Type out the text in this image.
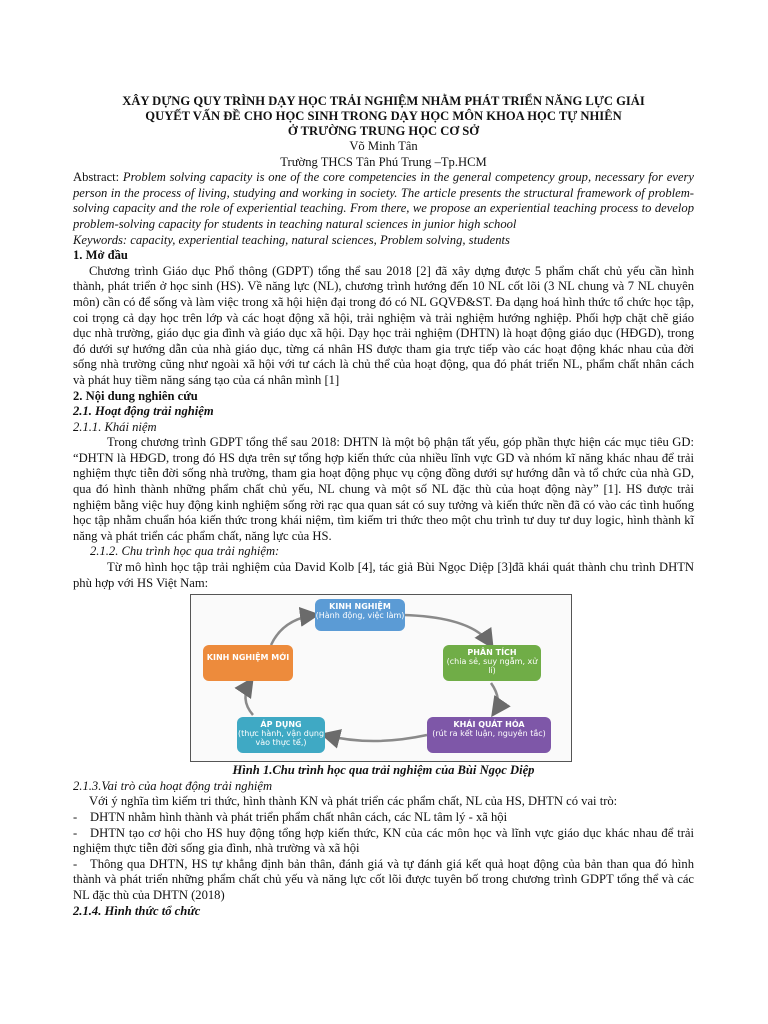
XÂY DỰNG QUY TRÌNH DẠY HỌC TRẢI NGHIỆM NHẰM PHÁT TRIỂN NĂNG LỰC GIẢI

QUYẾT VẤN ĐỀ CHO HỌC SINH TRONG DẠY HỌC MÔN KHOA HỌC TỰ NHIÊN

Ở TRƯỜNG TRUNG HỌC CƠ SỞ

Võ Minh Tân

Trường THCS Tân Phú Trung –Tp.HCM

Abstract: Problem solving capacity is one of the core competencies in the general competency group, necessary for every person in the process of living, studying and working in society. The article presents the structural framework of problem-solving capacity and the role of experiential teaching. From there, we propose an experiential teaching process to develop problem-solving capacity for students in teaching natural sciences in junior high school

Keywords: capacity, experiential teaching, natural sciences, Problem solving, students

1. Mở đầu

Chương trình Giáo dục Phổ thông (GDPT) tổng thể sau 2018 [2] đã xây dựng được 5 phẩm chất chủ yếu cần hình thành, phát triển ở học sinh (HS). Về năng lực (NL), chương trình hướng đến 10 NL cốt lõi (3 NL chung và 7 NL chuyên môn) cần có để sống và làm việc trong xã hội hiện đại trong đó có NL GQVĐ&ST. Đa dạng hoá hình thức tổ chức học tập, coi trọng cả dạy học trên lớp và các hoạt động xã hội, trải nghiệm và trải nghiệm hướng nghiệp. Phối hợp chặt chẽ giáo dục nhà trường, giáo dục gia đình và giáo dục xã hội. Dạy học trải nghiệm (DHTN) là hoạt động giáo dục (HĐGD), trong đó dưới sự hướng dẫn của nhà giáo dục, từng cá nhân HS được tham gia trực tiếp vào các hoạt động khác nhau của đời sống nhà trường cũng như ngoài xã hội với tư cách là chủ thể của hoạt động, qua đó phát triển NL, phẩm chất nhân cách và phát huy tiềm năng sáng tạo của cá nhân mình [1]

2. Nội dung nghiên cứu

2.1. Hoạt động trải nghiệm

2.1.1. Khái niệm

Trong chương trình GDPT tổng thể sau 2018: DHTN là một bộ phận tất yếu, góp phần thực hiện các mục tiêu GD: “DHTN là HĐGD, trong đó HS dựa trên sự tổng hợp kiến thức của nhiều lĩnh vực GD và nhóm kĩ năng khác nhau để trải nghiệm thực tiễn đời sống nhà trường, tham gia hoạt động phục vụ cộng đồng dưới sự hướng dẫn và tổ chức của nhà GD, qua đó hình thành những phẩm chất chủ yếu, NL chung và một số NL đặc thù của hoạt động này” [1]. HS được trải nghiệm bằng việc huy động kinh nghiệm sống rời rạc qua quan sát có suy tưởng và kiến thức nền đã có vào các tình huống học tập nhằm chuẩn hóa kiến thức trong khái niệm, tìm kiếm tri thức theo một chu trình tư duy tư duy logic, hình thành kĩ năng và phát triển các phẩm chất, năng lực của HS.

2.1.2. Chu trình học qua trải nghiệm:

Từ mô hình học tập trải nghiệm của David Kolb [4], tác giả Bùi Ngọc Diệp [3]đã khái quát thành chu trình DHTN phù hợp với HS Việt Nam:

KINH NGHIỆM
(Hành động, việc làm)
PHÂN TÍCH
(chia sẻ, suy ngẫm, xử lí)
KHÁI QUÁT HÓA
(rút ra kết luận, nguyên tắc)
ÁP DỤNG
(thực hành, vận dụng vào thực tế,)
KINH NGHIỆM MỚI

Hình 1.Chu trình học qua trải nghiệm của Bùi Ngọc Diệp

2.1.3.Vai trò của hoạt động trải nghiệm

Với ý nghĩa tìm kiếm tri thức, hình thành KN và phát triển các phẩm chất, NL của HS, DHTN có vai trò:

- DHTN nhằm hình thành và phát triển phẩm chất nhân cách, các NL tâm lý - xã hội

- DHTN tạo cơ hội cho HS huy động tổng hợp kiến thức, KN của các môn học và lĩnh vực giáo dục khác nhau để trải nghiệm thực tiễn đời sống gia đình, nhà trường và xã hội

- Thông qua DHTN, HS tự khẳng định bản thân, đánh giá và tự đánh giá kết quả hoạt động của bản than qua đó hình thành và phát triển những phẩm chất chủ yếu và năng lực cốt lõi được tuyên bố trong chương trình GDPT tổng thể và các NL đặc thù của DHTN (2018)

2.1.4. Hình thức tổ chức
